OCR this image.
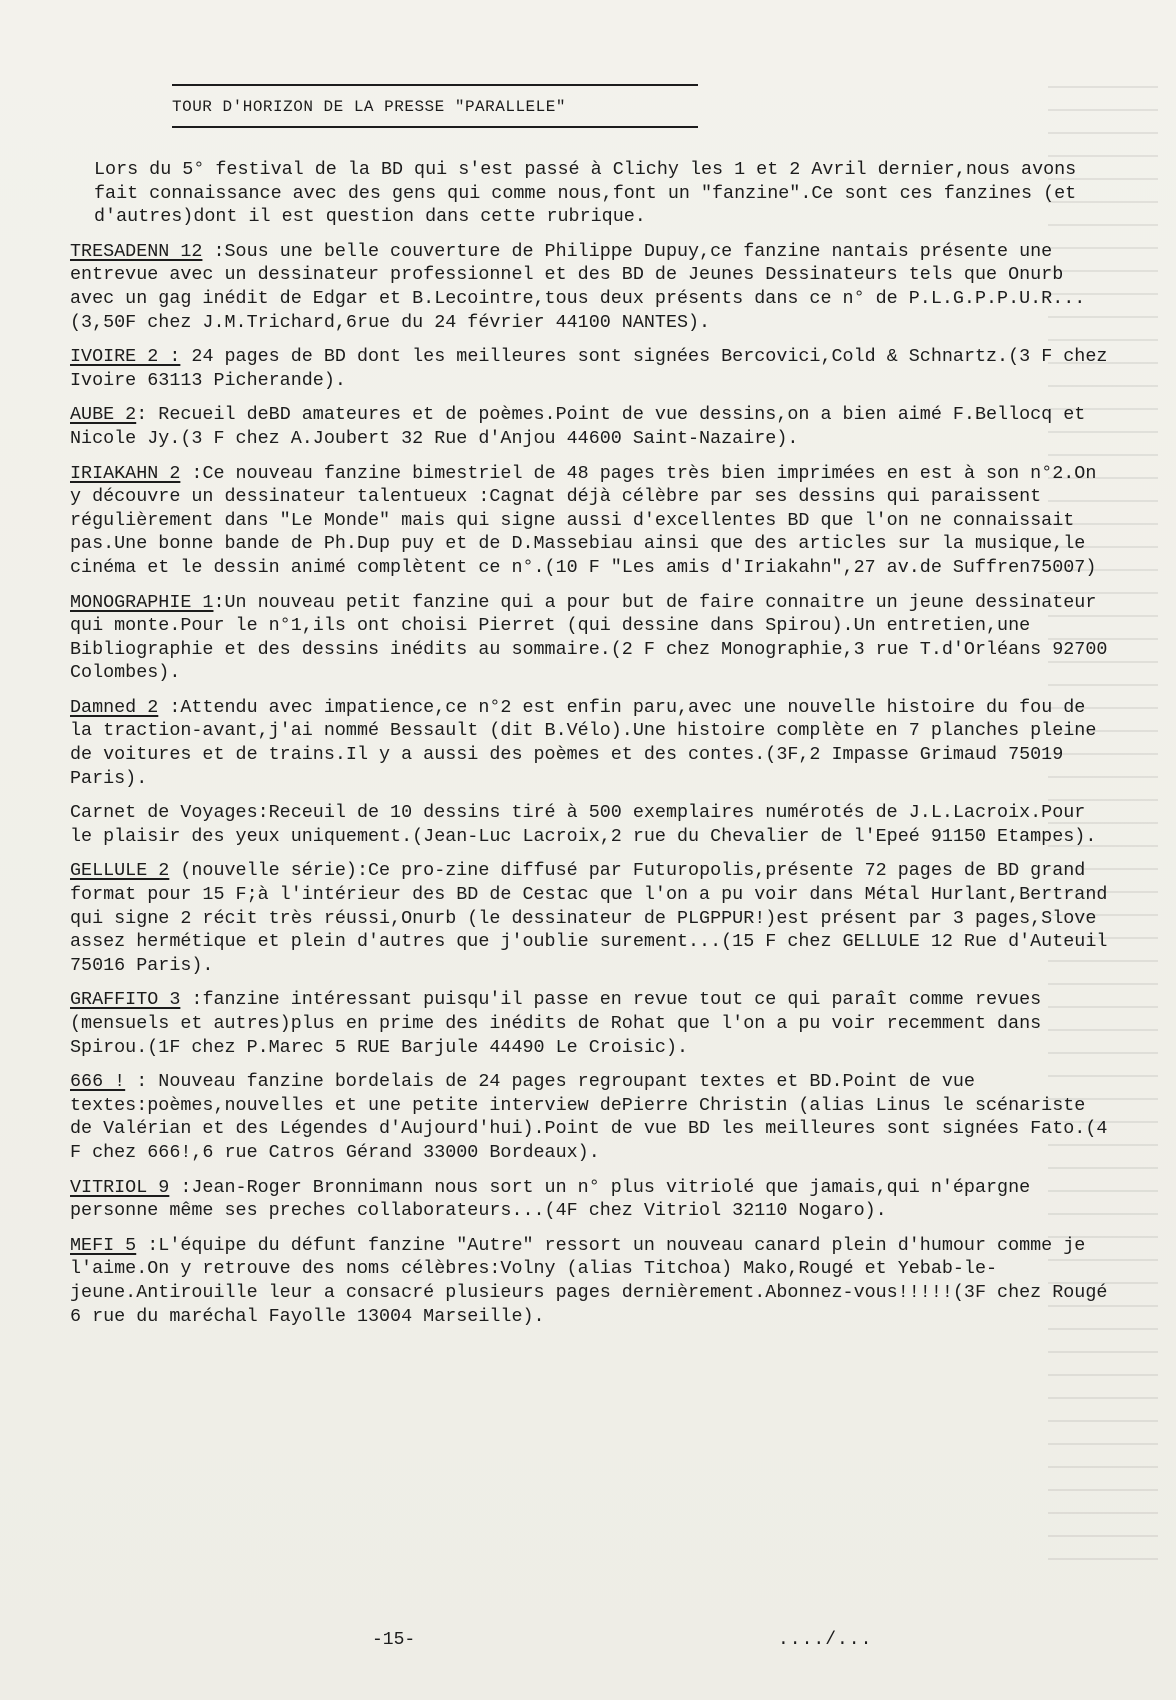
TOUR D'HORIZON DE LA PRESSE "PARALLELE"

Lors du 5° festival de la BD qui s'est passé à Clichy les 1 et 2 Avril dernier,nous avons fait connaissance avec des gens qui comme nous,font un "fanzine".Ce sont ces fanzines (et d'autres)dont il est question dans cette rubrique.

TRESADENN 12 :Sous une belle couverture de Philippe Dupuy,ce fanzine nantais présente une entrevue avec un dessinateur professionnel et des BD de Jeunes Dessinateurs tels que Onurb avec un gag inédit de Edgar et B.Lecointre,tous deux présents dans ce n° de P.L.G.P.P.U.R...(3,50F chez J.M.Trichard,6rue du 24 février 44100 NANTES).

IVOIRE 2 : 24 pages de BD dont les meilleures sont signées Bercovici,Cold & Schnartz.(3 F chez Ivoire 63113 Picherande).

AUBE 2: Recueil deBD amateures et de poèmes.Point de vue dessins,on a bien aimé F.Bellocq et Nicole Jy.(3 F chez A.Joubert 32 Rue d'Anjou 44600 Saint-Nazaire).

IRIAKAHN 2 :Ce nouveau fanzine bimestriel de 48 pages très bien imprimées en est à son n°2.On y découvre un dessinateur talentueux :Cagnat déjà célèbre par ses dessins qui paraissent régulièrement dans "Le Monde" mais qui signe aussi d'excellentes BD que l'on ne connaissait pas.Une bonne bande de Ph.Dup puy et de D.Massebiau ainsi que des articles sur la musique,le cinéma et le dessin animé complètent ce n°.(10 F "Les amis d'Iriakahn",27 av.de Suffren75007)

MONOGRAPHIE 1:Un nouveau petit fanzine qui a pour but de faire connaitre un jeune dessinateur qui monte.Pour le n°1,ils ont choisi Pierret (qui dessine dans Spirou).Un entretien,une Bibliographie et des dessins inédits au sommaire.(2 F chez Monographie,3 rue T.d'Orléans 92700 Colombes).

Damned 2 :Attendu avec impatience,ce n°2 est enfin paru,avec une nouvelle histoire du fou de la traction-avant,j'ai nommé Bessault (dit B.Vélo).Une histoire complète en 7 planches pleine de voitures et de trains.Il y a aussi des poèmes et des contes.(3F,2 Impasse Grimaud 75019 Paris).

Carnet de Voyages:Receuil de 10 dessins tiré à 500 exemplaires numérotés de J.L.Lacroix.Pour le plaisir des yeux uniquement.(Jean-Luc Lacroix,2 rue du Chevalier de l'Epeé 91150 Etampes).

GELLULE 2 (nouvelle série):Ce pro-zine diffusé par Futuropolis,présente 72 pages de BD grand format pour 15 F;à l'intérieur des BD de Cestac que l'on a pu voir dans Métal Hurlant,Bertrand qui signe 2 récit très réussi,Onurb (le dessinateur de PLGPPUR!)est présent par 3 pages,Slove assez hermétique et plein d'autres que j'oublie surement...(15 F chez GELLULE 12 Rue d'Auteuil 75016 Paris).

GRAFFITO 3 :fanzine intéressant puisqu'il passe en revue tout ce qui paraît comme revues (mensuels et autres)plus en prime des inédits de Rohat que l'on a pu voir recemment dans Spirou.(1F chez P.Marec 5 RUE Barjule 44490 Le Croisic).

666 ! : Nouveau fanzine bordelais de 24 pages regroupant textes et BD.Point de vue textes:poèmes,nouvelles et une petite interview dePierre Christin (alias Linus le scénariste de Valérian et des Légendes d'Aujourd'hui).Point de vue BD les meilleures sont signées Fato.(4 F chez 666!,6 rue Catros Gérand 33000 Bordeaux).

VITRIOL 9 :Jean-Roger Bronnimann nous sort un n° plus vitriolé que jamais,qui n'épargne personne même ses preches collaborateurs...(4F chez Vitriol 32110 Nogaro).

MEFI 5 :L'équipe du défunt fanzine "Autre" ressort un nouveau canard plein d'humour comme je l'aime.On y retrouve des noms célèbres:Volny (alias Titchoa) Mako,Rougé et Yebab-le-jeune.Antirouille leur a consacré plusieurs pages dernièrement.Abonnez-vous!!!!!(3F chez Rougé 6 rue du maréchal Fayolle 13004 Marseille).

-15-	..../...
